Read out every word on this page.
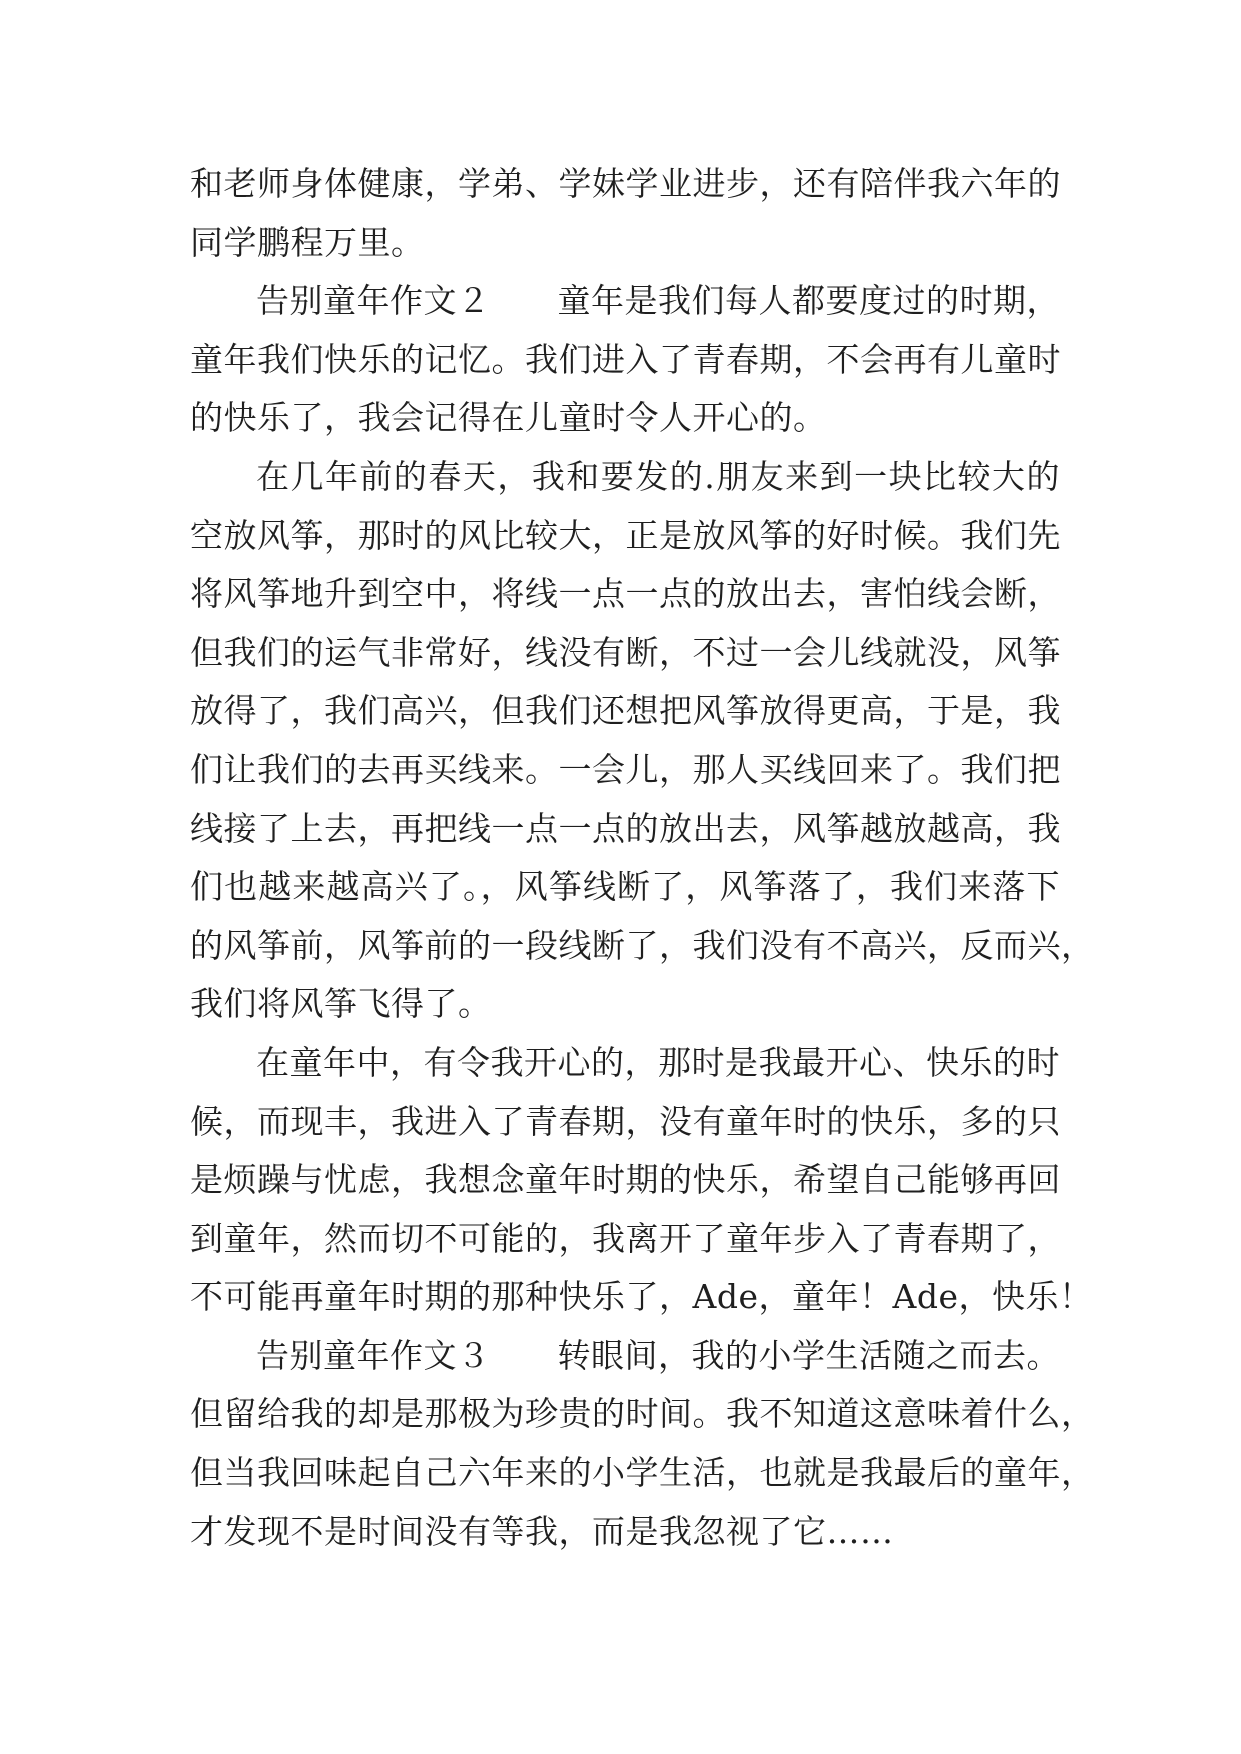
和老师身体健康，学弟、学妹学业进步，还有陪伴我六年的
同学鹏程万里。
告别童年作文２　　童年是我们每人都要度过的时期，
童年我们快乐的记忆。我们进入了青春期，不会再有儿童时
的快乐了，我会记得在儿童时令人开心的。
在几年前的春天，我和要发的.朋友来到一块比较大的
空放风筝，那时的风比较大，正是放风筝的好时候。我们先
将风筝地升到空中，将线一点一点的放出去，害怕线会断，
但我们的运气非常好，线没有断，不过一会儿线就没，风筝
放得了，我们高兴，但我们还想把风筝放得更高，于是，我
们让我们的去再买线来。一会儿，那人买线回来了。我们把
线接了上去，再把线一点一点的放出去，风筝越放越高，我
们也越来越高兴了。，风筝线断了，风筝落了，我们来落下
的风筝前，风筝前的一段线断了，我们没有不高兴，反而兴，
我们将风筝飞得了。
在童年中，有令我开心的，那时是我最开心、快乐的时
候，而现丰，我进入了青春期，没有童年时的快乐，多的只
是烦躁与忧虑，我想念童年时期的快乐，希望自己能够再回
到童年，然而切不可能的，我离开了童年步入了青春期了，
不可能再童年时期的那种快乐了，Ade，童年！Ade，快乐！
告别童年作文３　　转眼间，我的小学生活随之而去。
但留给我的却是那极为珍贵的时间。我不知道这意味着什么，
但当我回味起自己六年来的小学生活，也就是我最后的童年，
才发现不是时间没有等我，而是我忽视了它……
